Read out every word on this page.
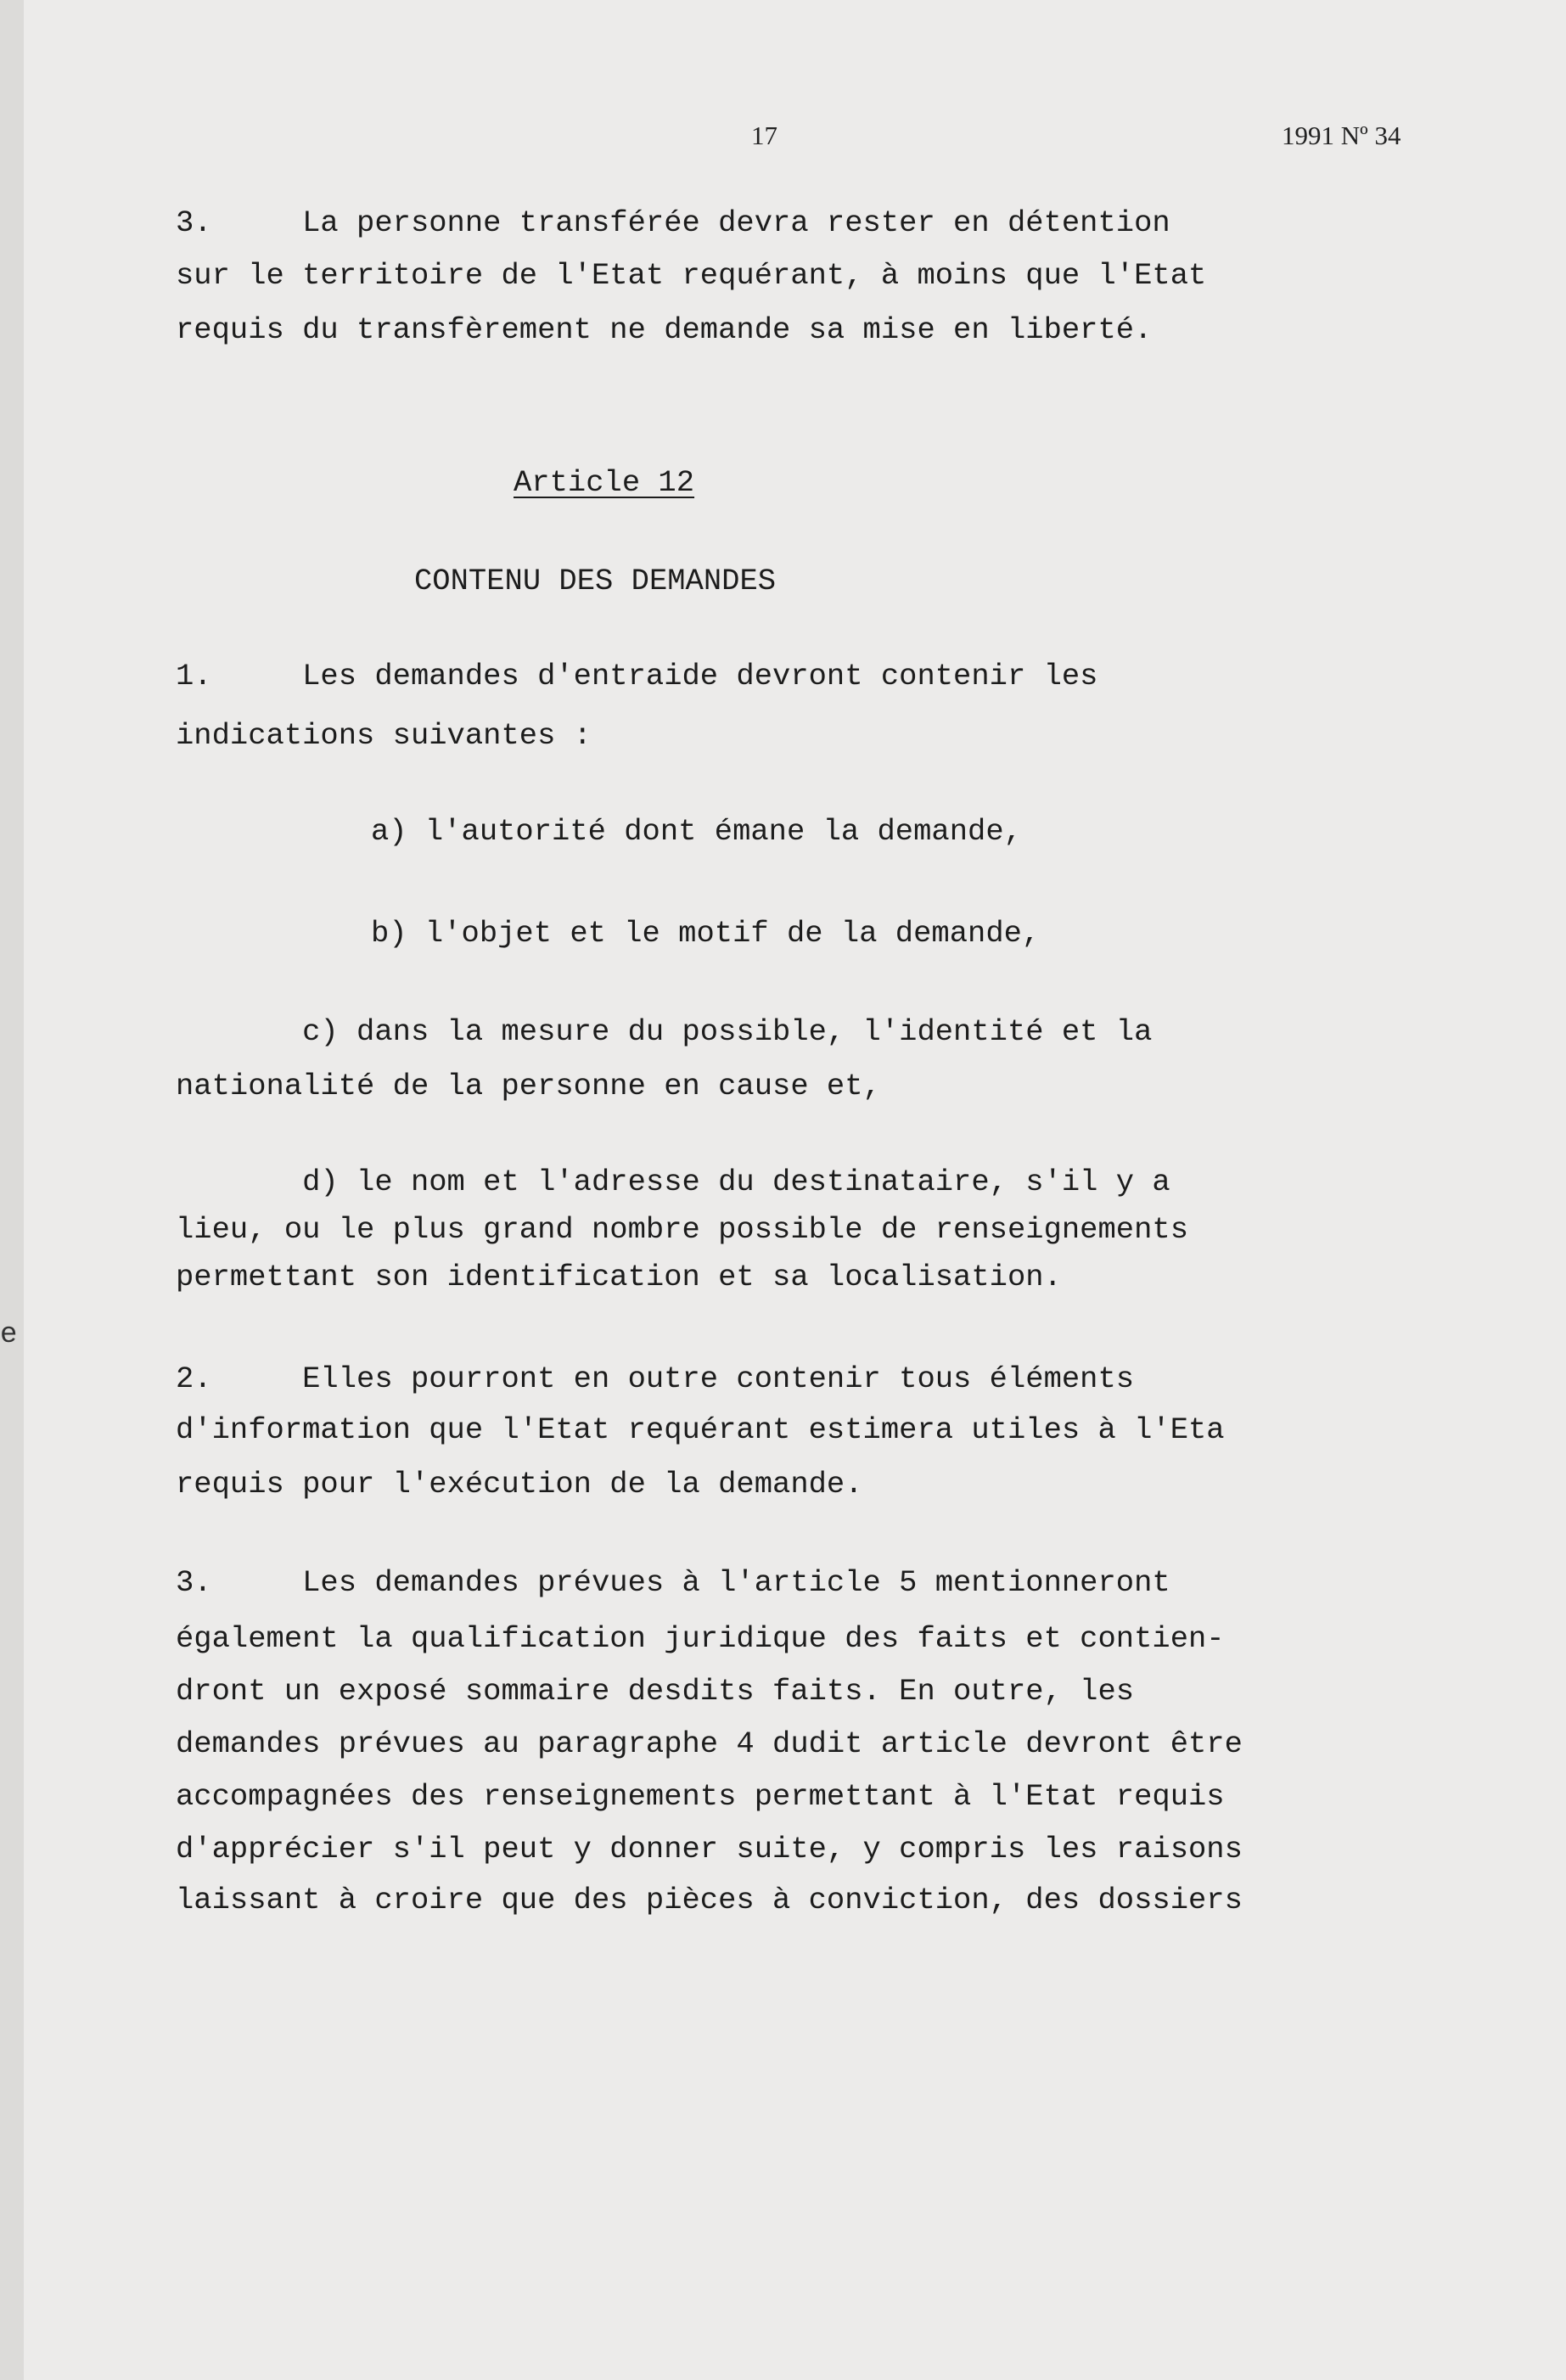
17	1991 Nº 34
3.     La personne transférée devra rester en détention
sur le territoire de l'Etat requérant, à moins que l'Etat
requis du transfèrement ne demande sa mise en liberté.
Article 12
CONTENU DES DEMANDES
1.     Les demandes d'entraide devront contenir les
indications suivantes :
a) l'autorité dont émane la demande,
b) l'objet et le motif de la demande,
c) dans la mesure du possible, l'identité et la
nationalité de la personne en cause et,
d) le nom et l'adresse du destinataire, s'il y a
lieu, ou le plus grand nombre possible de renseignements
permettant son identification et sa localisation.
2.     Elles pourront en outre contenir tous éléments
d'information que l'Etat requérant estimera utiles à l'Eta
requis pour l'exécution de la demande.
3.     Les demandes prévues à l'article 5 mentionneront
également la qualification juridique des faits et contien-
dront un exposé sommaire desdits faits. En outre, les
demandes prévues au paragraphe 4 dudit article devront être
accompagnées des renseignements permettant à l'Etat requis
d'apprécier s'il peut y donner suite, y compris les raisons
laissant à croire que des pièces à conviction, des dossiers
e
